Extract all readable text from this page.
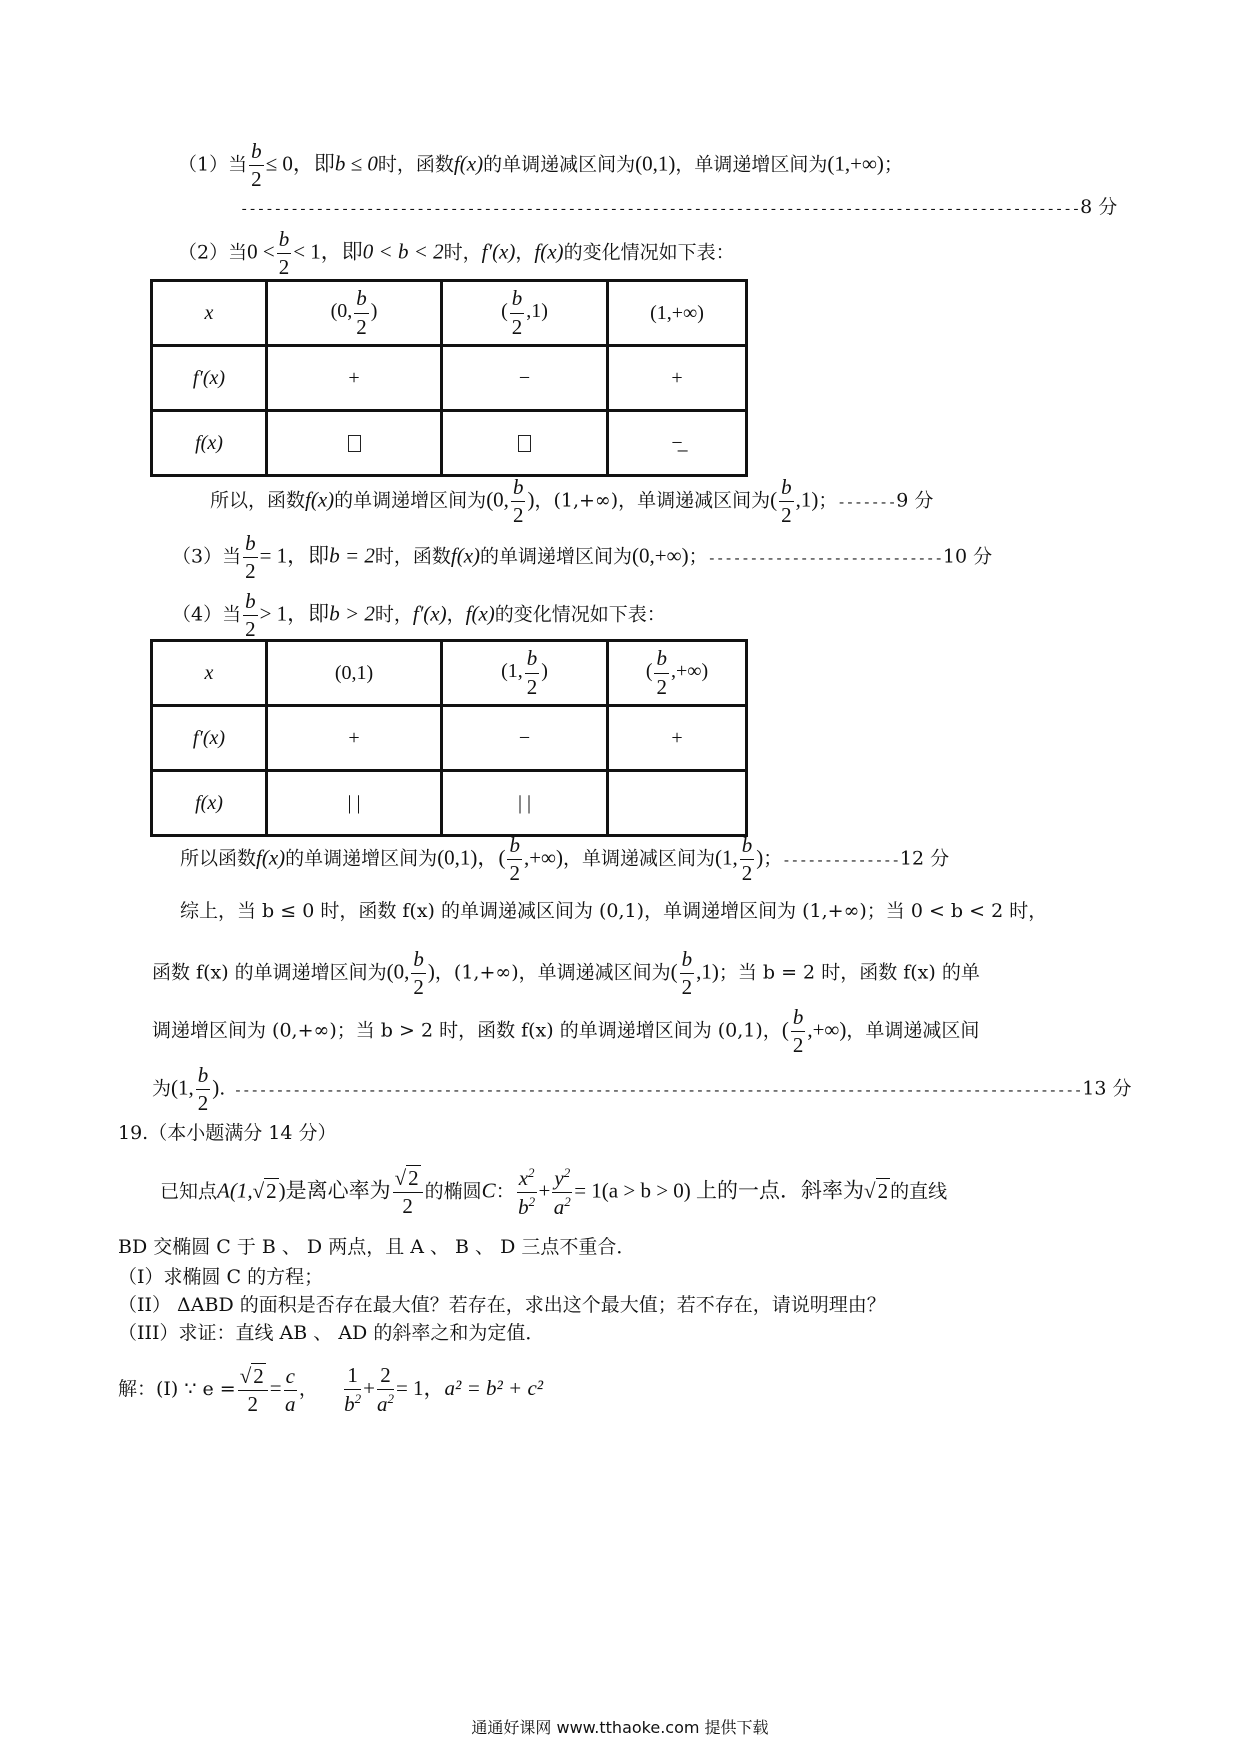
（1）当 $\frac{b}{2} \le 0$，即b ≤ 0时，函数f(x)的单调递减区间为(0,1)，单调递增区间为(1,+∞)；
----------------------------------------------------------------------------------------------------8 分
（2）当$0 < \frac{b}{2} < 1$，即0 < b < 2时，f′(x)，f(x)的变化情况如下表：
x	(0, $\frac{b}{2}$ )	( $\frac{b}{2} ,1$)	(1,+∞)
f′(x)	+	−	+
f(x)			−̲
所以，函数f(x)的单调递增区间为(0, $\frac{b}{2}$ )，(1,+∞)，单调递减区间为( $\frac{b}{2} ,1$)；-------9 分
（3）当 $\frac{b}{2} = 1$，即b = 2时，函数f(x)的单调递增区间为(0,+∞)；----------------------------10 分
（4）当 $\frac{b}{2} > 1$，即b > 2时，f′(x)，f(x)的变化情况如下表：
x	(0,1)	(1, $\frac{b}{2}$ )	( $\frac{b}{2}$ ,+∞)
f′(x)	+	−	+
f(x)	| |	| |	
所以函数f(x)的单调递增区间为(0,1)，( $\frac{b}{2}$ ,+∞)，单调递减区间为(1, $\frac{b}{2}$ )；--------------12 分
综上，当 b ≤ 0 时，函数 f(x) 的单调递减区间为 (0,1)，单调递增区间为 (1,+∞)；当 0 < b < 2 时，
函数 f(x) 的单调递增区间为(0, $\frac{b}{2}$ )，(1,+∞)，单调递减区间为( $\frac{b}{2} ,1$)；当 b = 2 时，函数 f(x) 的单
调递增区间为 (0,+∞)；当 b > 2 时，函数 f(x) 的单调递增区间为 (0,1)，( $\frac{b}{2}$ ,+∞)，单调递减区间
为(1, $\frac{b}{2}$ ). -----------------------------------------------------------------------------------------------------13 分
19.（本小题满分 14 分）
已知点A(1,√2)是离心率为 $\frac{√2}{2}$ 的椭圆C： $\frac{x^2}{b^2} + \frac{y^2}{a^2} = 1(a > b > 0)$ 上的一点．斜率为√2 的直线
BD 交椭圆 C 于 B 、 D 两点，且 A 、 B 、 D 三点不重合．
（I）求椭圆 C 的方程；
（II） ΔABD 的面积是否存在最大值？若存在，求出这个最大值；若不存在，请说明理由？
（III）求证：直线 AB 、 AD 的斜率之和为定值．
解：(I) ∵ $e = \frac{√2}{2} = \frac{c}{a}$ ， $\frac{1}{b^2} + \frac{2}{a^2} = 1$，a² = b² + c²
通通好课网 www.tthaoke.com 提供下载
